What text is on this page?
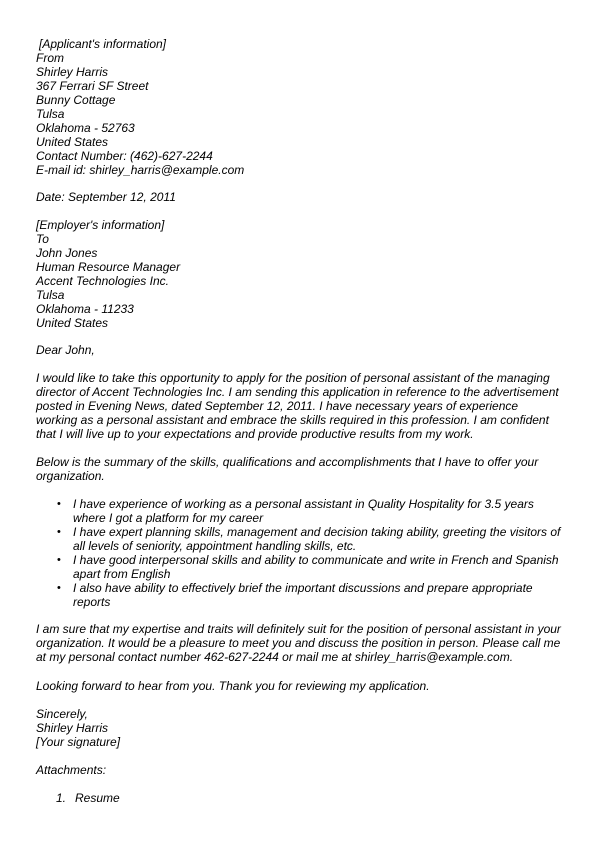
[Applicant's information]
From
Shirley Harris
367 Ferrari SF Street
Bunny Cottage
Tulsa
Oklahoma - 52763
United States
Contact Number: (462)-627-2244
E-mail id: shirley_harris@example.com
Date: September 12, 2011
[Employer's information]
To
John Jones
Human Resource Manager
Accent Technologies Inc.
Tulsa
Oklahoma - 11233
United States
Dear John,

I would like to take this opportunity to apply for the position of personal assistant of the managing director of Accent Technologies Inc. I am sending this application in reference to the advertisement posted in Evening News, dated September 12, 2011. I have necessary years of experience working as a personal assistant and embrace the skills required in this profession. I am confident that I will live up to your expectations and provide productive results from my work.

Below is the summary of the skills, qualifications and accomplishments that I have to offer your organization.

• I have experience of working as a personal assistant in Quality Hospitality for 3.5 years where I got a platform for my career
• I have expert planning skills, management and decision taking ability, greeting the visitors of all levels of seniority, appointment handling skills, etc.
• I have good interpersonal skills and ability to communicate and write in French and Spanish apart from English
• I also have ability to effectively brief the important discussions and prepare appropriate reports

I am sure that my expertise and traits will definitely suit for the position of personal assistant in your organization. It would be a pleasure to meet you and discuss the position in person. Please call me at my personal contact number 462-627-2244 or mail me at shirley_harris@example.com.

Looking forward to hear from you. Thank you for reviewing my application.

Sincerely,
Shirley Harris
[Your signature]
Attachments:
1. Resume
